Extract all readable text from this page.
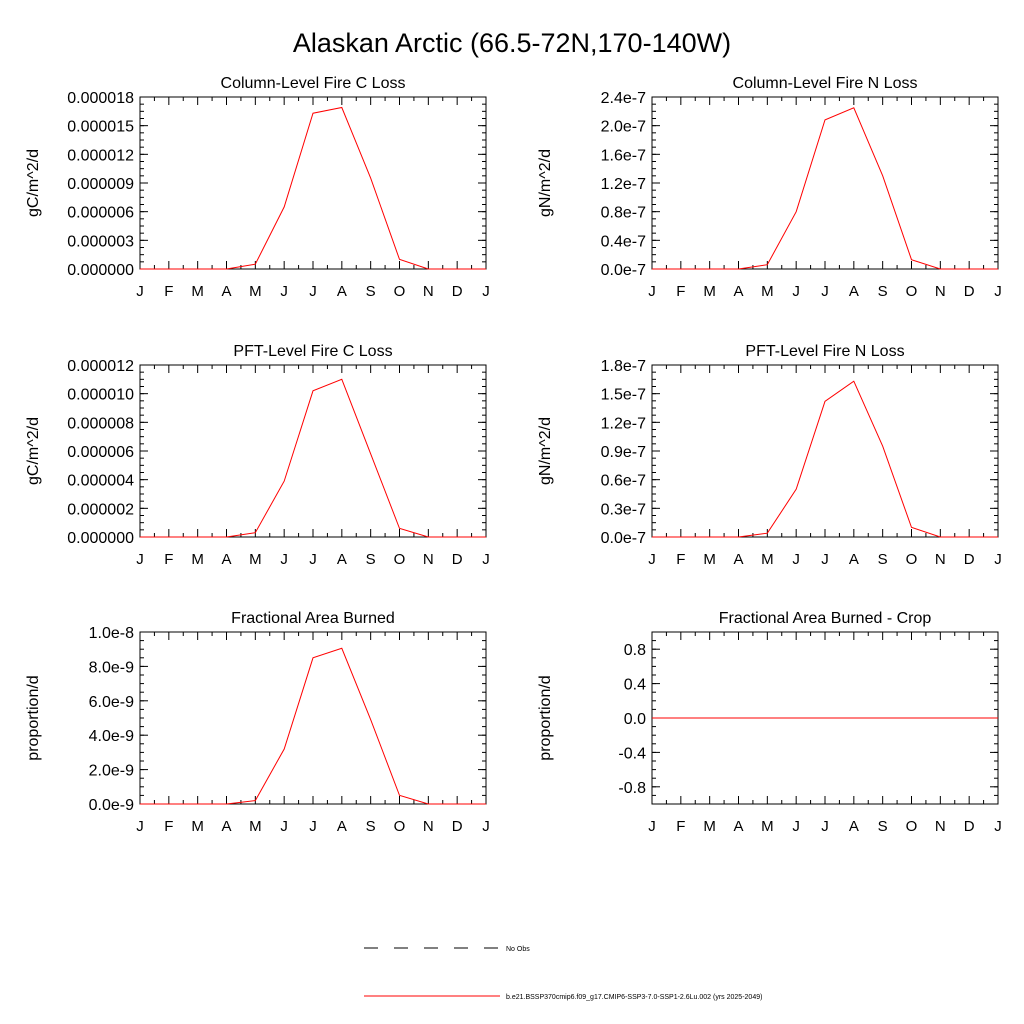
Alaskan Arctic (66.5-72N,170-140W)
Column-Level Fire C Loss
gC/m^2/d
J F M A M J J A S O N D J
0.000000
0.000003
0.000006
0.000009
0.000012
0.000015
0.000018
Column-Level Fire N Loss
gN/m^2/d
J F M A M J J A S O N D J
0.0e-7
0.4e-7
0.8e-7
1.2e-7
1.6e-7
2.0e-7
2.4e-7
PFT-Level Fire C Loss
gC/m^2/d
J F M A M J J A S O N D J
0.000000
0.000002
0.000004
0.000006
0.000008
0.000010
0.000012
PFT-Level Fire N Loss
gN/m^2/d
J F M A M J J A S O N D J
0.0e-7
0.3e-7
0.6e-7
0.9e-7
1.2e-7
1.5e-7
1.8e-7
Fractional Area Burned
proportion/d
J F M A M J J A S O N D J
0.0e-9
2.0e-9
4.0e-9
6.0e-9
8.0e-9
1.0e-8
Fractional Area Burned - Crop
proportion/d
J F M A M J J A S O N D J
-0.8
-0.4
0.0
0.4
0.8
No Obs
b.e21.BSSP370cmip6.f09_g17.CMIP6-SSP3-7.0-SSP1-2.6Lu.002 (yrs 2025-2049)
